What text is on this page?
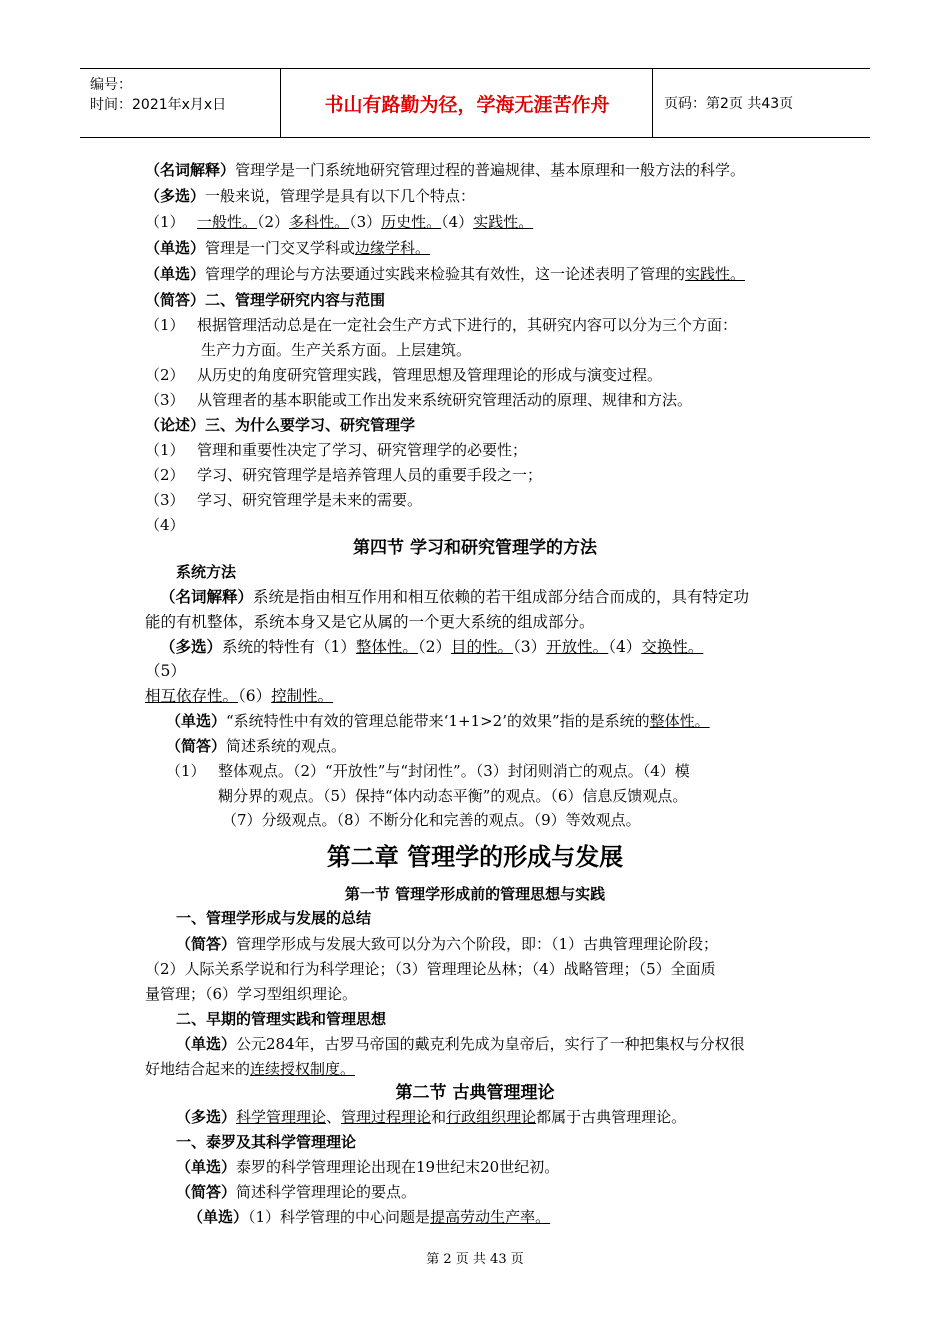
编号：
时间：2021年x月x日	书山有路勤为径，学海无涯苦作舟	页码：第2页 共43页
（名词解释）管理学是一门系统地研究管理过程的普遍规律、基本原理和一般方法的科学。
（多选）一般来说，管理学是具有以下几个特点：
（1） 一般性。（2）多科性。（3）历史性。（4）实践性。
（单选）管理是一门交叉学科或边缘学科。
（单选）管理学的理论与方法要通过实践来检验其有效性，这一论述表明了管理的实践性。
（简答）二、管理学研究内容与范围
（1） 根据管理活动总是在一定社会生产方式下进行的，其研究内容可以分为三个方面：
生产力方面。生产关系方面。上层建筑。
（2） 从历史的角度研究管理实践，管理思想及管理理论的形成与演变过程。
（3） 从管理者的基本职能或工作出发来系统研究管理活动的原理、规律和方法。
（论述）三、为什么要学习、研究管理学
（1） 管理和重要性决定了学习、研究管理学的必要性；
（2） 学习、研究管理学是培养管理人员的重要手段之一；
（3） 学习、研究管理学是未来的需要。
（4）
第四节 学习和研究管理学的方法
系统方法
（名词解释）系统是指由相互作用和相互依赖的若干组成部分结合而成的，具有特定功
能的有机整体，系统本身又是它从属的一个更大系统的组成部分。
（多选）系统的特性有（1）整体性。（2）目的性。（3）开放性。（4）交换性。
（5）
相互依存性。（6）控制性。
（单选）“系统特性中有效的管理总能带来‘1+1>2’的效果”指的是系统的整体性。
（简答）简述系统的观点。
（1） 整体观点。（2）“开放性”与“封闭性”。（3）封闭则消亡的观点。（4）模
糊分界的观点。（5）保持“体内动态平衡”的观点。（6）信息反馈观点。
（7）分级观点。（8）不断分化和完善的观点。（9）等效观点。
第二章 管理学的形成与发展
第一节 管理学形成前的管理思想与实践
一、管理学形成与发展的总结
（简答）管理学形成与发展大致可以分为六个阶段，即：（1）古典管理理论阶段；
（2）人际关系学说和行为科学理论；（3）管理理论丛林；（4）战略管理；（5）全面质
量管理；（6）学习型组织理论。
二、早期的管理实践和管理思想
（单选）公元284年，古罗马帝国的戴克利先成为皇帝后，实行了一种把集权与分权很
好地结合起来的连续授权制度。
第二节 古典管理理论
（多选）科学管理理论、管理过程理论和行政组织理论都属于古典管理理论。
一、泰罗及其科学管理理论
（单选）泰罗的科学管理理论出现在19世纪末20世纪初。
（简答）简述科学管理理论的要点。
（单选）（1）科学管理的中心问题是提高劳动生产率。
第 2 页 共 43 页
